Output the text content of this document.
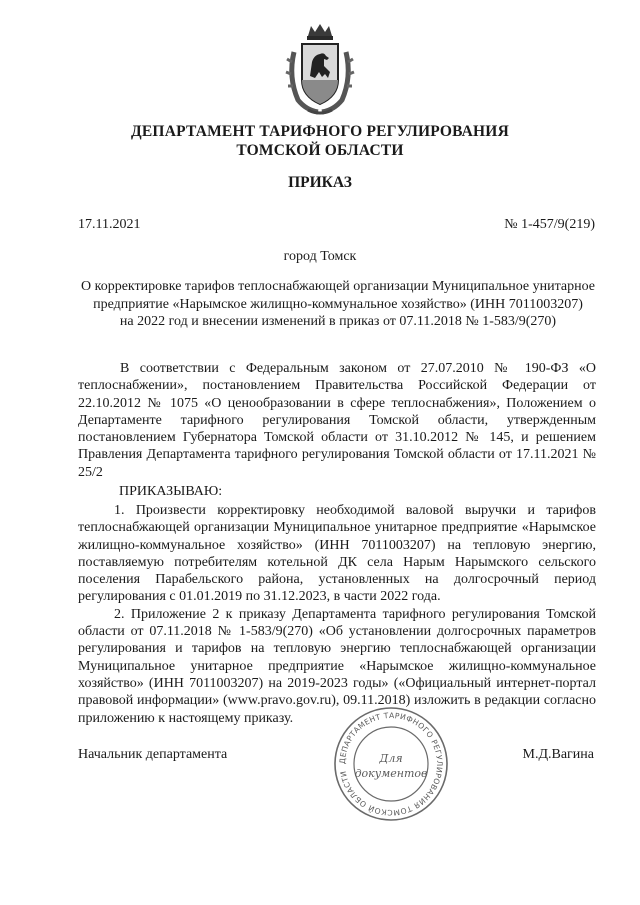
ДЕПАРТАМЕНТ ТАРИФНОГО РЕГУЛИРОВАНИЯ
ТОМСКОЙ ОБЛАСТИ
ПРИКАЗ
17.11.2021	№ 1-457/9(219)
город Томск
О корректировке тарифов теплоснабжающей организации Муниципальное унитарное
предприятие «Нарымское жилищно-коммунальное хозяйство» (ИНН 7011003207)
на 2022 год и внесении изменений в приказ от 07.11.2018 № 1-583/9(270)

В соответствии с Федеральным законом от 27.07.2010 № 190-ФЗ «О теплоснабжении», постановлением Правительства Российской Федерации от 22.10.2012 № 1075 «О ценообразовании в сфере теплоснабжения», Положением о Департаменте тарифного регулирования Томской области, утвержденным постановлением Губернатора Томской области от 31.10.2012 № 145, и решением Правления Департамента тарифного регулирования Томской области от 17.11.2021 № 25/2

ПРИКАЗЫВАЮ:

1. Произвести корректировку необходимой валовой выручки и тарифов теплоснабжающей организации Муниципальное унитарное предприятие «Нарымское жилищно-коммунальное хозяйство» (ИНН 7011003207) на тепловую энергию, поставляемую потребителям котельной ДК села Нарым Нарымского сельского поселения Парабельского района, установленных на долгосрочный период регулирования с 01.01.2019 по 31.12.2023, в части 2022 года.

2. Приложение 2 к приказу Департамента тарифного регулирования Томской области от 07.11.2018 № 1-583/9(270) «Об установлении долгосрочных параметров регулирования и тарифов на тепловую энергию теплоснабжающей организации Муниципальное унитарное предприятие «Нарымское жилищно-коммунальное хозяйство» (ИНН 7011003207) на 2019-2023 годы» («Официальный интернет-портал правовой информации» (www.pravo.gov.ru), 09.11.2018) изложить в редакции согласно приложению к настоящему приказу.

Начальник департамента	М.Д.Вагина
ДЕПАРТАМЕНТ ТАРИФНОГО РЕГУЛИРОВАНИЯ ТОМСКОЙ ОБЛАСТИ
Для
документов
